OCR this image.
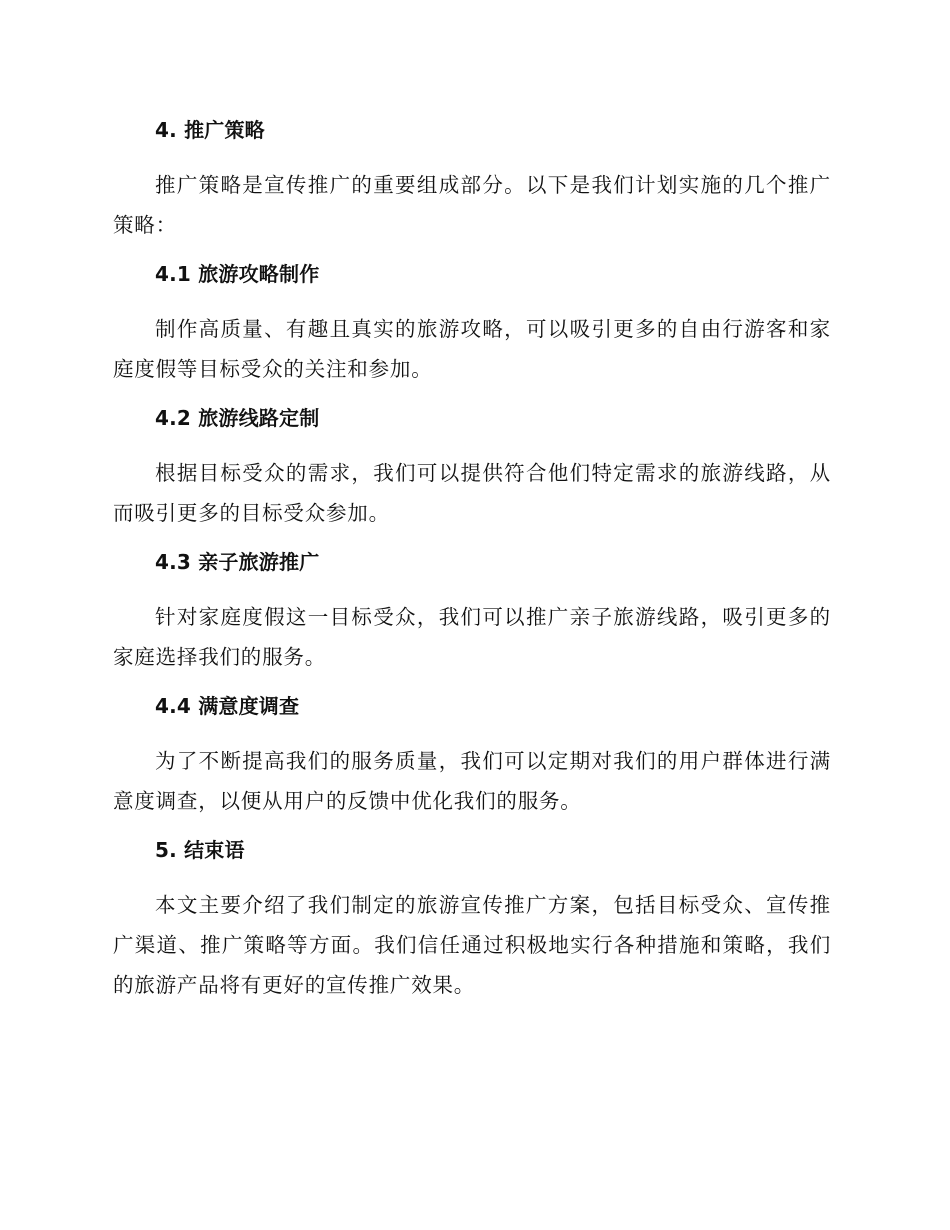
4. 推广策略

推广策略是宣传推广的重要组成部分。以下是我们计划实施的几个推广策略：

4.1 旅游攻略制作

制作高质量、有趣且真实的旅游攻略，可以吸引更多的自由行游客和家庭度假等目标受众的关注和参加。

4.2 旅游线路定制

根据目标受众的需求，我们可以提供符合他们特定需求的旅游线路，从而吸引更多的目标受众参加。

4.3 亲子旅游推广

针对家庭度假这一目标受众，我们可以推广亲子旅游线路，吸引更多的家庭选择我们的服务。

4.4 满意度调查

为了不断提高我们的服务质量，我们可以定期对我们的用户群体进行满意度调查，以便从用户的反馈中优化我们的服务。

5. 结束语

本文主要介绍了我们制定的旅游宣传推广方案，包括目标受众、宣传推广渠道、推广策略等方面。我们信任通过积极地实行各种措施和策略，我们的旅游产品将有更好的宣传推广效果。
